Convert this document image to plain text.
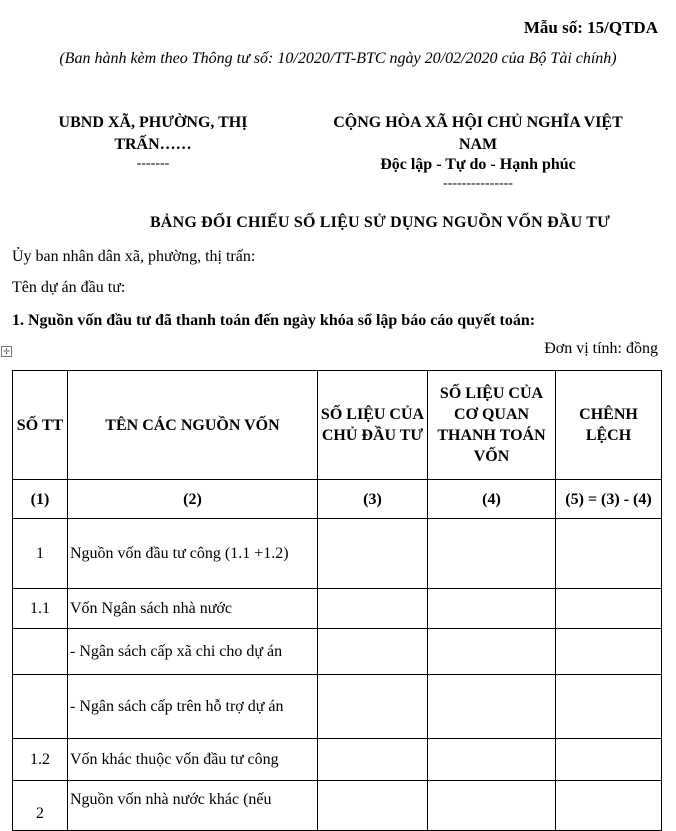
Mẫu số: 15/QTDA
(Ban hành kèm theo Thông tư số: 10/2020/TT-BTC ngày 20/02/2020 của Bộ Tài chính)
UBND XÃ, PHƯỜNG, THỊ
TRẤN……
-------
CỘNG HÒA XÃ HỘI CHỦ NGHĨA VIỆT
NAM
Độc lập - Tự do - Hạnh phúc
---------------
BẢNG ĐỐI CHIẾU SỐ LIỆU SỬ DỤNG NGUỒN VỐN ĐẦU TƯ
Ủy ban nhân dân xã, phường, thị trấn:
Tên dự án đầu tư:
1. Nguồn vốn đầu tư đã thanh toán đến ngày khóa sổ lập báo cáo quyết toán:
✛	Đơn vị tính: đồng
SỐ TT	TÊN CÁC NGUỒN VỐN	SỐ LIỆU CỦA CHỦ ĐẦU TƯ	SỐ LIỆU CỦA CƠ QUAN THANH TOÁN VỐN	CHÊNH LỆCH
(1)	(2)	(3)	(4)	(5) = (3) - (4)
1	Nguồn vốn đầu tư công (1.1 +1.2)			
1.1	Vốn Ngân sách nhà nước			
	- Ngân sách cấp xã chi cho dự án			
	- Ngân sách cấp trên hỗ trợ dự án			
1.2	Vốn khác thuộc vốn đầu tư công			
2	Nguồn vốn nhà nước khác (nếu			
